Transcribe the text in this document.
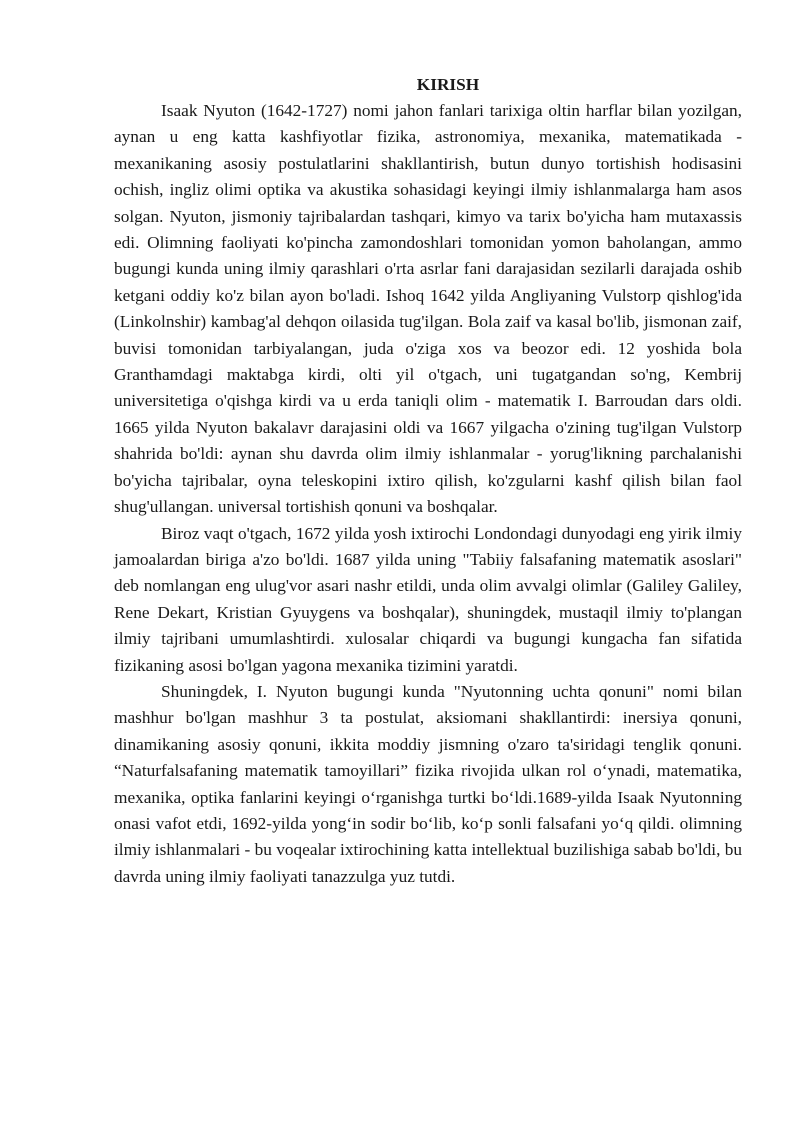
KIRISH

Isaak Nyuton (1642-1727) nomi jahon fanlari tarixiga oltin harflar bilan yozilgan, aynan u eng katta kashfiyotlar fizika, astronomiya, mexanika, matematikada - mexanikaning asosiy postulatlarini shakllantirish, butun dunyo tortishish hodisasini ochish, ingliz olimi optika va akustika sohasidagi keyingi ilmiy ishlanmalarga ham asos solgan. Nyuton, jismoniy tajribalardan tashqari, kimyo va tarix bo'yicha ham mutaxassis edi. Olimning faoliyati ko'pincha zamondoshlari tomonidan yomon baholangan, ammo bugungi kunda uning ilmiy qarashlari o'rta asrlar fani darajasidan sezilarli darajada oshib ketgani oddiy ko'z bilan ayon bo'ladi. Ishoq 1642 yilda Angliyaning Vulstorp qishlog'ida (Linkolnshir) kambag'al dehqon oilasida tug'ilgan. Bola zaif va kasal bo'lib, jismonan zaif, buvisi tomonidan tarbiyalangan, juda o'ziga xos va beozor edi. 12 yoshida bola Granthamdagi maktabga kirdi, olti yil o'tgach, uni tugatgandan so'ng, Kembrij universitetiga o'qishga kirdi va u erda taniqli olim - matematik I. Barroudan dars oldi. 1665 yilda Nyuton bakalavr darajasini oldi va 1667 yilgacha o'zining tug'ilgan Vulstorp shahrida bo'ldi: aynan shu davrda olim ilmiy ishlanmalar - yorug'likning parchalanishi bo'yicha tajribalar, oyna teleskopini ixtiro qilish, ko'zgularni kashf qilish bilan faol shug'ullangan. universal tortishish qonuni va boshqalar.

Biroz vaqt o'tgach, 1672 yilda yosh ixtirochi Londondagi dunyodagi eng yirik ilmiy jamoalardan biriga a'zo bo'ldi. 1687 yilda uning "Tabiiy falsafaning matematik asoslari" deb nomlangan eng ulug'vor asari nashr etildi, unda olim avvalgi olimlar (Galiley Galiley, Rene Dekart, Kristian Gyuygens va boshqalar), shuningdek, mustaqil ilmiy to'plangan ilmiy tajribani umumlashtirdi. xulosalar chiqardi va bugungi kungacha fan sifatida fizikaning asosi bo'lgan yagona mexanika tizimini yaratdi.

Shuningdek, I. Nyuton bugungi kunda "Nyutonning uchta qonuni" nomi bilan mashhur bo'lgan mashhur 3 ta postulat, aksiomani shakllantirdi: inersiya qonuni, dinamikaning asosiy qonuni, ikkita moddiy jismning o'zaro ta'siridagi tenglik qonuni. “Naturfalsafaning matematik tamoyillari” fizika rivojida ulkan rol oʻynadi, matematika, mexanika, optika fanlarini keyingi oʻrganishga turtki boʻldi.1689-yilda Isaak Nyutonning onasi vafot etdi, 1692-yilda yongʻin sodir boʻlib, koʻp sonli falsafani yoʻq qildi. olimning ilmiy ishlanmalari - bu voqealar ixtirochining katta intellektual buzilishiga sabab bo'ldi, bu davrda uning ilmiy faoliyati tanazzulga yuz tutdi.
